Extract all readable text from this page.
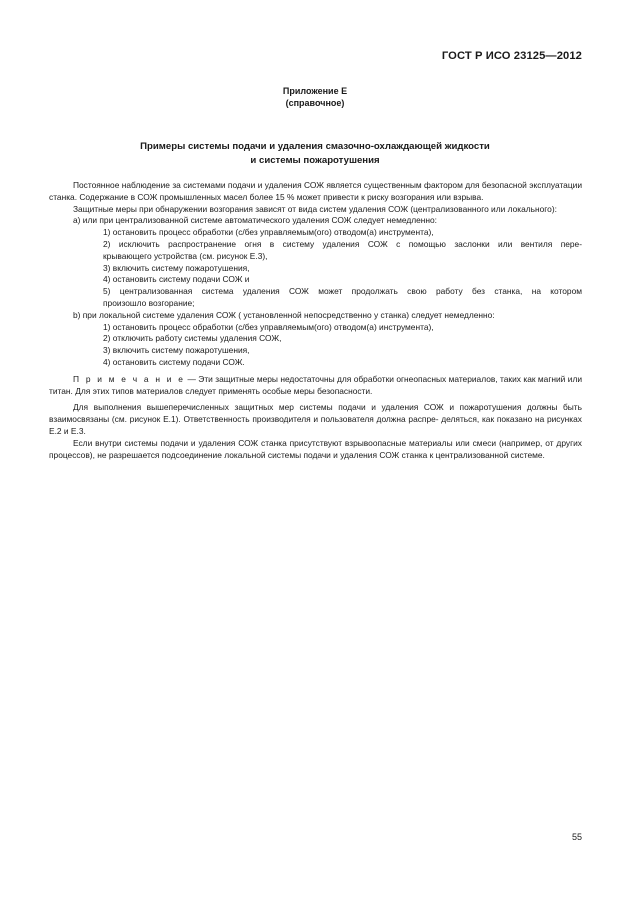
ГОСТ Р ИСО 23125—2012
Приложение Е
(справочное)
Примеры системы подачи и удаления смазочно-охлаждающей жидкости
и системы пожаротушения

Постоянное наблюдение за системами подачи и удаления СОЖ является существенным фактором для безопасной эксплуатации станка. Содержание в СОЖ промышленных масел более 15 % может привести к риску возгорания или взрыва.

Защитные меры при обнаружении возгорания зависят от вида систем удаления СОЖ (централизованного или локального):

a) или при централизованной системе автоматического удаления СОЖ следует немедленно:

1) остановить процесс обработки (с/без управляемым(ого) отводом(а) инструмента),

2) исключить распространение огня в систему удаления СОЖ с помощью заслонки или вентиля пере-

крывающего устройства (см. рисунок Е.3),

3) включить систему пожаротушения,

4) остановить систему подачи СОЖ и

5) централизованная система удаления СОЖ может продолжать свою работу без станка, на котором

произошло возгорание;

b) при локальной системе удаления СОЖ ( установленной непосредственно у станка) следует немедленно:

1) остановить процесс обработки (с/без управляемым(ого) отводом(а) инструмента),

2) отключить работу системы удаления СОЖ,

3) включить систему пожаротушения,

4) остановить систему подачи СОЖ.

П р и м е ч а н и е — Эти защитные меры недостаточны для обработки огнеопасных материалов, таких как магний или титан. Для этих типов материалов следует применять особые меры безопасности.

Для выполнения вышеперечисленных защитных мер системы подачи и удаления СОЖ и пожаротушения должны быть взаимосвязаны (см. рисунок Е.1). Ответственность производителя и пользователя должна распре- деляться, как показано на рисунках Е.2 и Е.3.

Если внутри системы подачи и удаления СОЖ станка присутствуют взрывоопасные материалы или смеси (например, от других процессов), не разрешается подсоединение локальной системы подачи и удаления СОЖ станка к централизованной системе.

55
